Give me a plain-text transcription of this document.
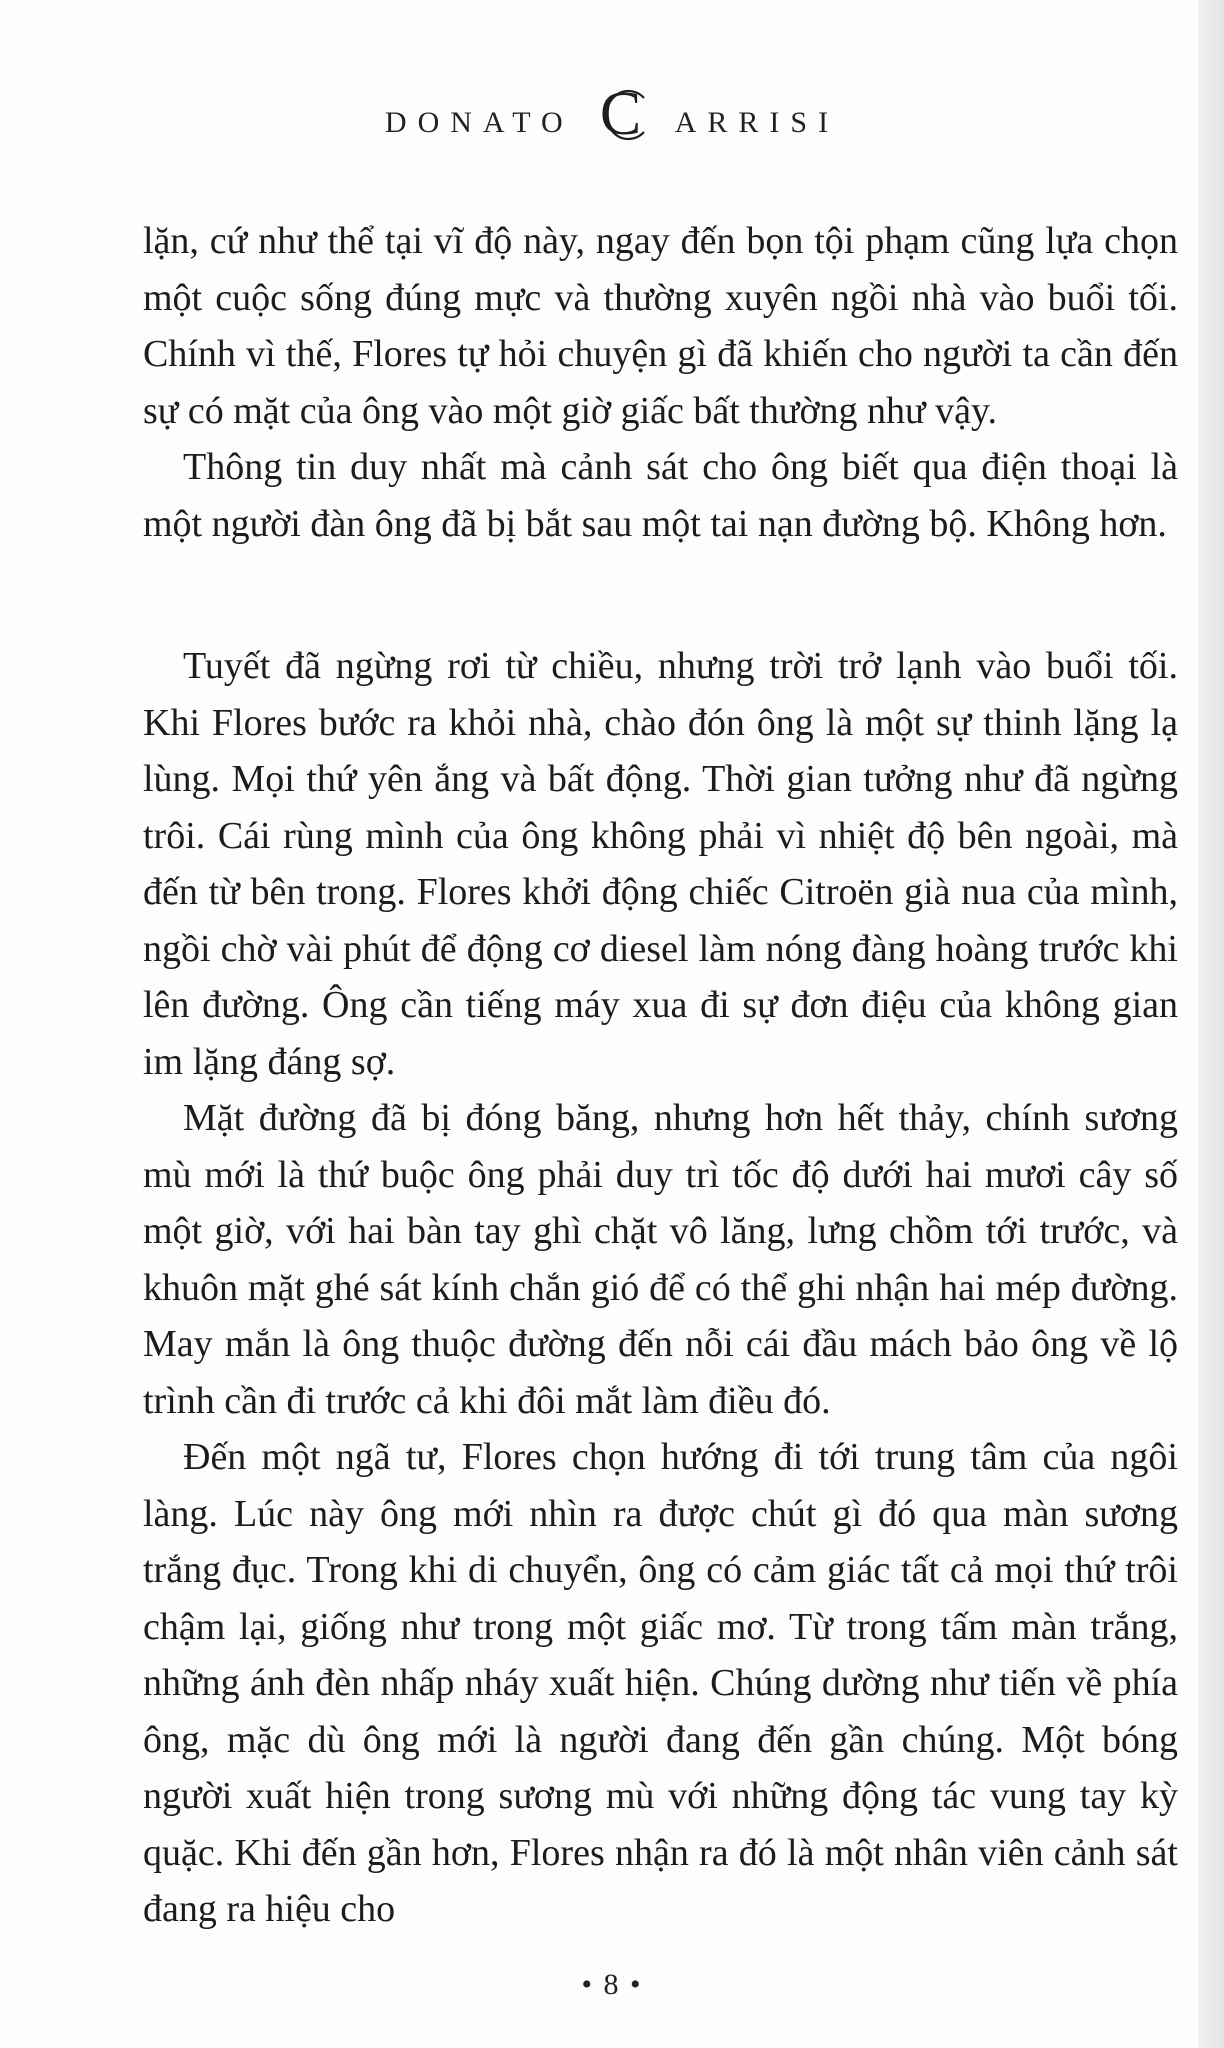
DONATO C ARRISI

lặn, cứ như thể tại vĩ độ này, ngay đến bọn tội phạm cũng lựa chọn một cuộc sống đúng mực và thường xuyên ngồi nhà vào buổi tối. Chính vì thế, Flores tự hỏi chuyện gì đã khiến cho người ta cần đến sự có mặt của ông vào một giờ giấc bất thường như vậy.

Thông tin duy nhất mà cảnh sát cho ông biết qua điện thoại là một người đàn ông đã bị bắt sau một tai nạn đường bộ. Không hơn.

Tuyết đã ngừng rơi từ chiều, nhưng trời trở lạnh vào buổi tối. Khi Flores bước ra khỏi nhà, chào đón ông là một sự thinh lặng lạ lùng. Mọi thứ yên ắng và bất động. Thời gian tưởng như đã ngừng trôi. Cái rùng mình của ông không phải vì nhiệt độ bên ngoài, mà đến từ bên trong. Flores khởi động chiếc Citroën già nua của mình, ngồi chờ vài phút để động cơ diesel làm nóng đàng hoàng trước khi lên đường. Ông cần tiếng máy xua đi sự đơn điệu của không gian im lặng đáng sợ.

Mặt đường đã bị đóng băng, nhưng hơn hết thảy, chính sương mù mới là thứ buộc ông phải duy trì tốc độ dưới hai mươi cây số một giờ, với hai bàn tay ghì chặt vô lăng, lưng chồm tới trước, và khuôn mặt ghé sát kính chắn gió để có thể ghi nhận hai mép đường. May mắn là ông thuộc đường đến nỗi cái đầu mách bảo ông về lộ trình cần đi trước cả khi đôi mắt làm điều đó.

Đến một ngã tư, Flores chọn hướng đi tới trung tâm của ngôi làng. Lúc này ông mới nhìn ra được chút gì đó qua màn sương trắng đục. Trong khi di chuyển, ông có cảm giác tất cả mọi thứ trôi chậm lại, giống như trong một giấc mơ. Từ trong tấm màn trắng, những ánh đèn nhấp nháy xuất hiện. Chúng dường như tiến về phía ông, mặc dù ông mới là người đang đến gần chúng. Một bóng người xuất hiện trong sương mù với những động tác vung tay kỳ quặc. Khi đến gần hơn, Flores nhận ra đó là một nhân viên cảnh sát đang ra hiệu cho

• 8 •
